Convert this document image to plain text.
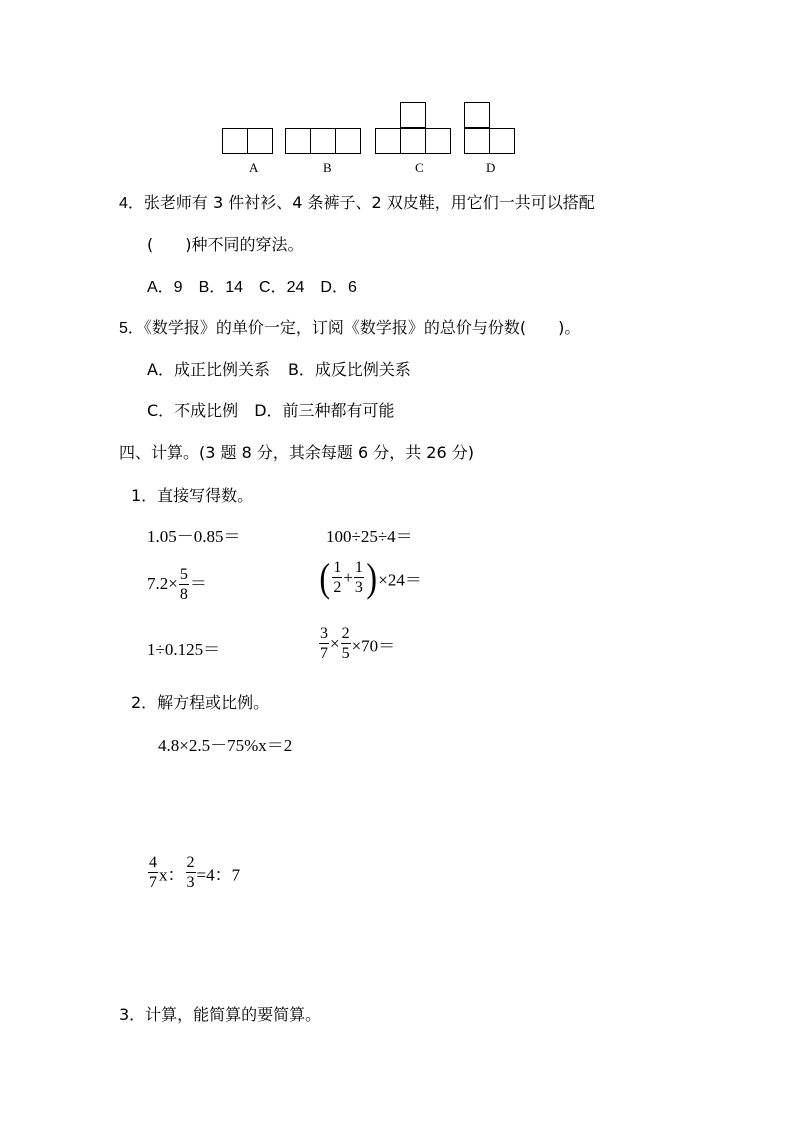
A	B	C	D
4．张老师有 3 件衬衫、4 条裤子、2 双皮鞋，用它们一共可以搭配
(　　)种不同的穿法。
A．9　B．14　C．24　D．6
5．《数学报》的单价一定，订阅《数学报》的总价与份数(　　)。
A．成正比例关系 B．成反比例关系
C．不成比例 D．前三种都有可能
四、计算。(3 题 8 分，其余每题 6 分，共 26 分)
1．直接写得数。
1.05－0.85＝	100÷25÷4＝
$7.2\times \frac{5}{8}$ ＝	( $\frac{1}{2} + \frac{1}{3} )\times 24=$
1÷0.125＝	$\frac{3}{7} \times \frac{2}{5} \times 70=$
2．解方程或比例。
4.8×2.5－75%x＝2
$\frac{4}{7}$ x： $\frac{2}{3} =4$：7
3．计算，能简算的要简算。
